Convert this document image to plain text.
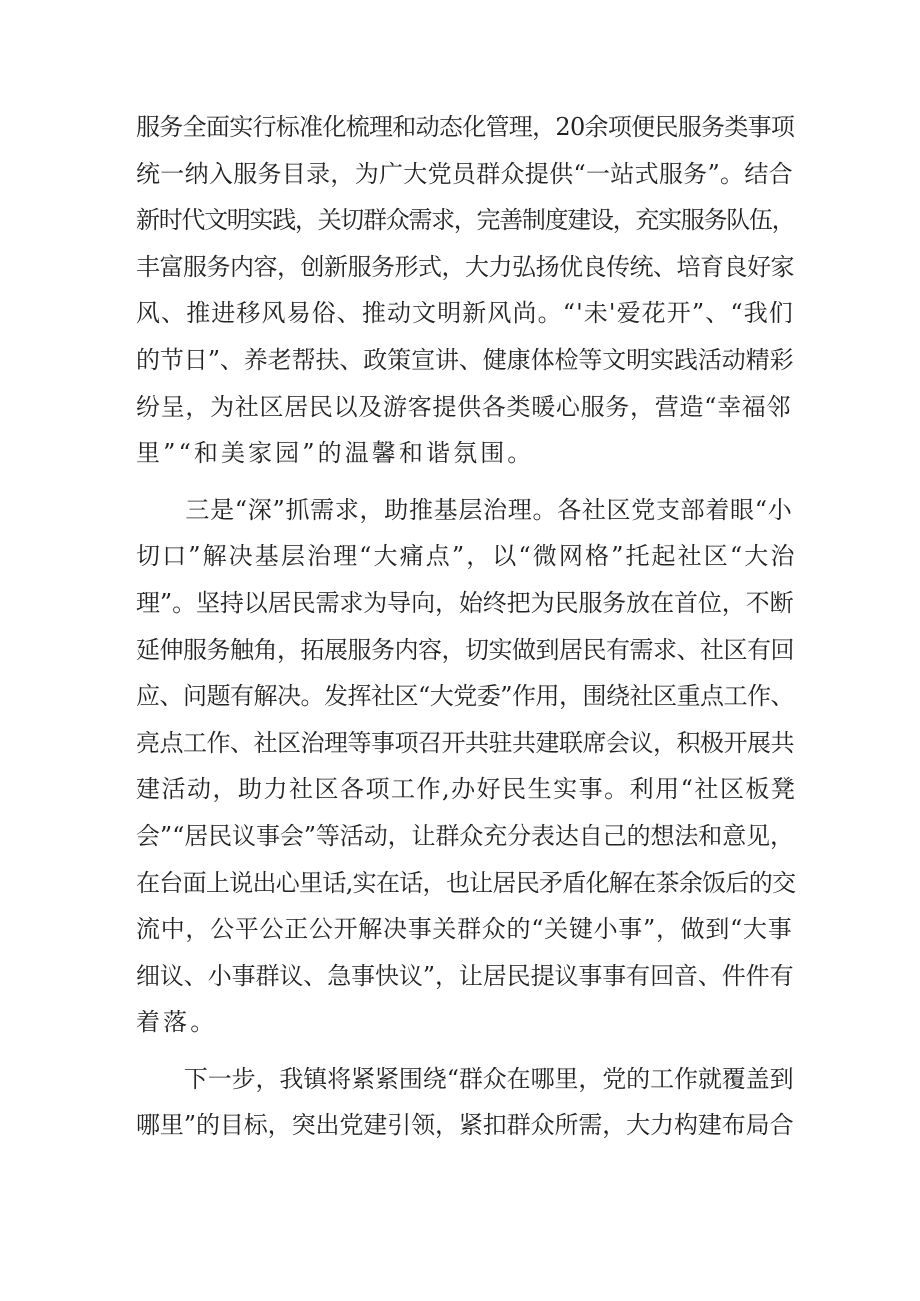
服务全面实行标准化梳理和动态化管理，20余项便民服务类事项
统一纳入服务目录，为广大党员群众提供“一站式服务”。结合
新时代文明实践，关切群众需求，完善制度建设，充实服务队伍，
丰富服务内容，创新服务形式，大力弘扬优良传统、培育良好家
风、推进移风易俗、推动文明新风尚。“'未'爱花开”、“我们
的节日”、养老帮扶、政策宣讲、健康体检等文明实践活动精彩
纷呈，为社区居民以及游客提供各类暖心服务，营造“幸福邻
里”“和美家园”的温馨和谐氛围。
　　三是“深”抓需求，助推基层治理。各社区党支部着眼“小
切口”解决基层治理“大痛点”，以“微网格”托起社区“大治
理”。坚持以居民需求为导向，始终把为民服务放在首位，不断
延伸服务触角，拓展服务内容，切实做到居民有需求、社区有回
应、问题有解决。发挥社区“大党委”作用，围绕社区重点工作、
亮点工作、社区治理等事项召开共驻共建联席会议，积极开展共
建活动，助力社区各项工作,办好民生实事。利用“社区板凳
会”“居民议事会”等活动，让群众充分表达自己的想法和意见，
在台面上说出心里话,实在话，也让居民矛盾化解在茶余饭后的交
流中，公平公正公开解决事关群众的“关键小事”，做到“大事
细议、小事群议、急事快议”，让居民提议事事有回音、件件有
着落。
　　下一步，我镇将紧紧围绕“群众在哪里，党的工作就覆盖到
哪里”的目标，突出党建引领，紧扣群众所需，大力构建布局合
